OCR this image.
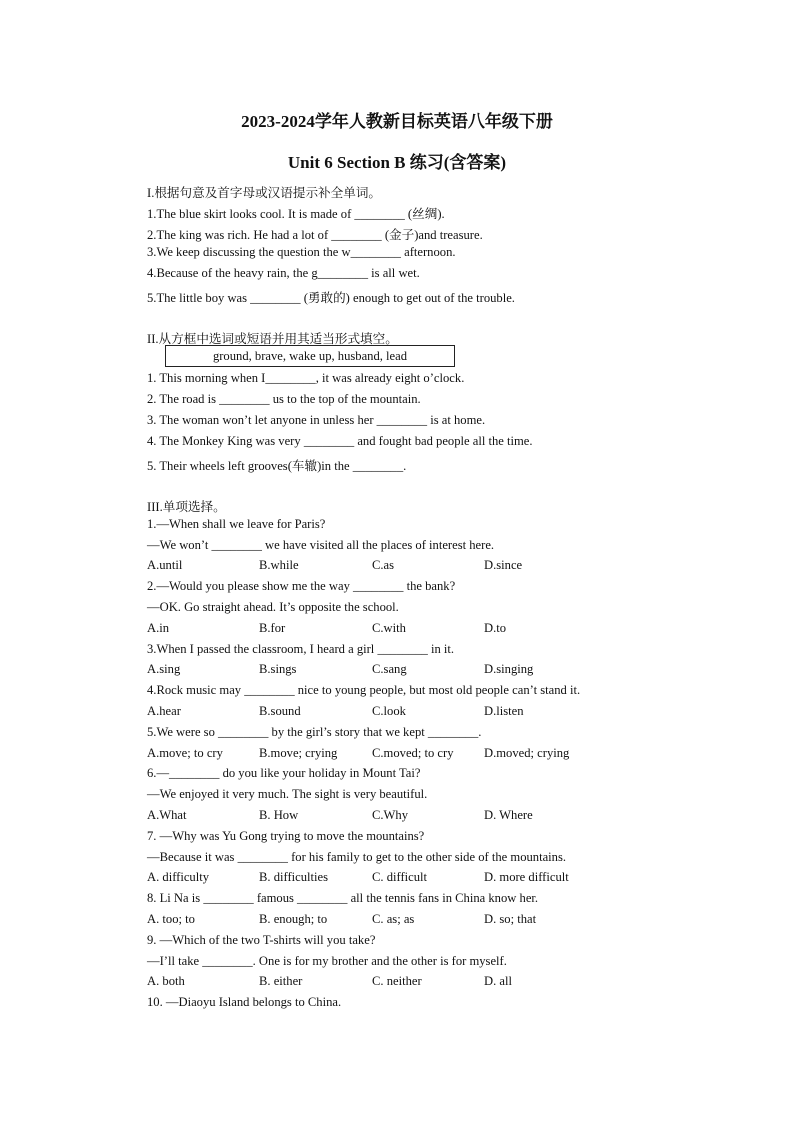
2023-2024学年人教新目标英语八年级下册
Unit 6 Section B 练习(含答案)
I.根据句意及首字母或汉语提示补全单词。
1.The blue skirt looks cool. It is made of ________ (丝绸).
2.The king was rich. He had a lot of ________ (金子)and treasure.
3.We keep discussing the question the w________ afternoon.
4.Because of the heavy rain, the g________ is all wet.
5.The little boy was ________ (勇敢的) enough to get out of the trouble.
II.从方框中选词或短语并用其适当形式填空。
ground, brave, wake up, husband, lead
1. This morning when I________, it was already eight o’clock.
2. The road is ________ us to the top of the mountain.
3. The woman won’t let anyone in unless her ________ is at home.
4. The Monkey King was very ________ and fought bad people all the time.
5. Their wheels left grooves(车辙)in the ________.
III.单项选择。
1.—When shall we leave for Paris?
—We won’t ________ we have visited all the places of interest here.
A.until	B.while	C.as	D.since
2.—Would you please show me the way ________ the bank?
—OK. Go straight ahead. It’s opposite the school.
A.in	B.for	C.with	D.to
3.When I passed the classroom, I heard a girl ________ in it.
A.sing	B.sings	C.sang	D.singing
4.Rock music may ________ nice to young people, but most old people can’t stand it.
A.hear	B.sound	C.look	D.listen
5.We were so ________ by the girl’s story that we kept ________.
A.move; to cry	B.move; crying	C.moved; to cry D.moved; crying
6.—________ do you like your holiday in Mount Tai?
—We enjoyed it very much. The sight is very beautiful.
A.What	B. How	C.Why	D. Where
7. —Why was Yu Gong trying to move the mountains?
—Because it was ________ for his family to get to the other side of the mountains.
A. difficulty	B. difficulties	C. difficult	D. more difficult
8. Li Na is ________ famous ________ all the tennis fans in China know her.
A. too; to	B. enough; to	C. as; as	D. so; that
9. —Which of the two T-shirts will you take?
—I’ll take ________. One is for my brother and the other is for myself.
A. both	B. either	C. neither	D. all
10. —Diaoyu Island belongs to China.
